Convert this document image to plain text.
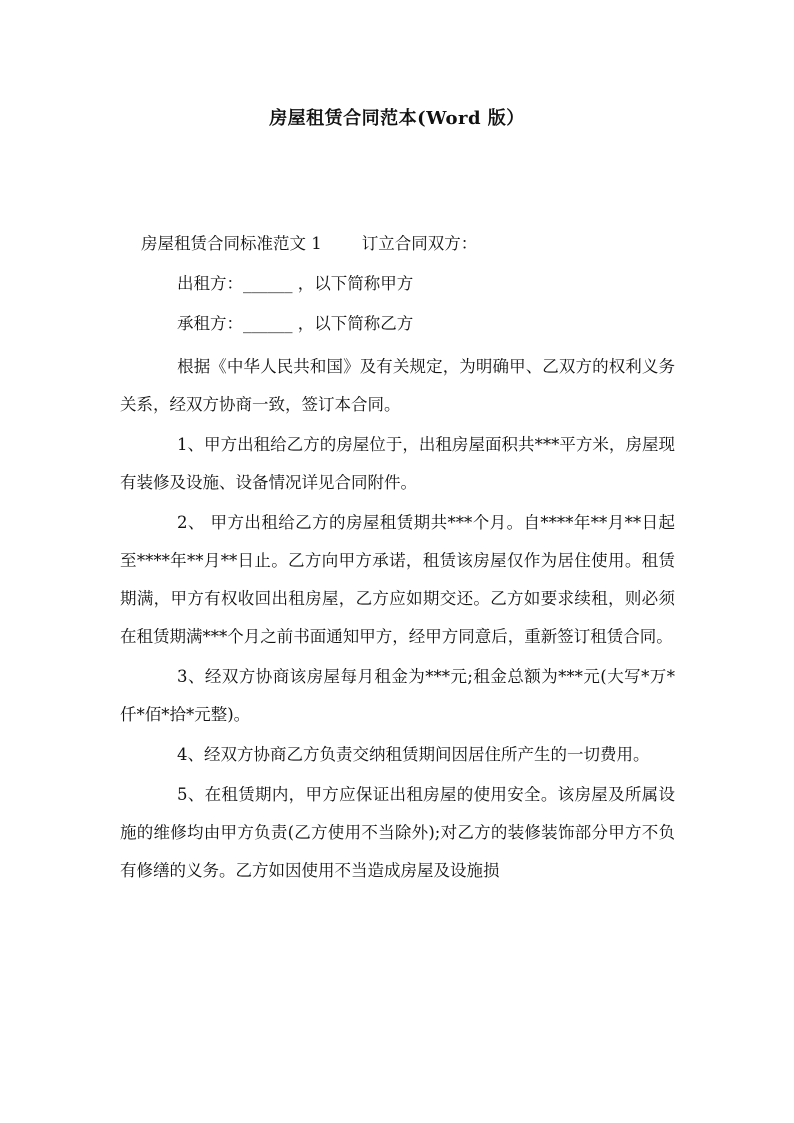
房屋租赁合同范本(Word 版）

房屋租赁合同标准范文 1 订立合同双方：

出租方：______ ，以下简称甲方

承租方：______ ，以下简称乙方

根据《中华人民共和国》及有关规定，为明确甲、乙双方的权利义务关系，经双方协商一致，签订本合同。

1、甲方出租给乙方的房屋位于，出租房屋面积共***平方米，房屋现有装修及设施、设备情况详见合同附件。

2、 甲方出租给乙方的房屋租赁期共***个月。自****年**月**日起至****年**月**日止。乙方向甲方承诺，租赁该房屋仅作为居住使用。租赁期满，甲方有权收回出租房屋，乙方应如期交还。乙方如要求续租，则必须在租赁期满***个月之前书面通知甲方，经甲方同意后，重新签订租赁合同。

3、经双方协商该房屋每月租金为***元;租金总额为***元(大写*万*仟*佰*拾*元整)。

4、经双方协商乙方负责交纳租赁期间因居住所产生的一切费用。

5、在租赁期内，甲方应保证出租房屋的使用安全。该房屋及所属设施的维修均由甲方负责(乙方使用不当除外);对乙方的装修装饰部分甲方不负有修缮的义务。乙方如因使用不当造成房屋及设施损
